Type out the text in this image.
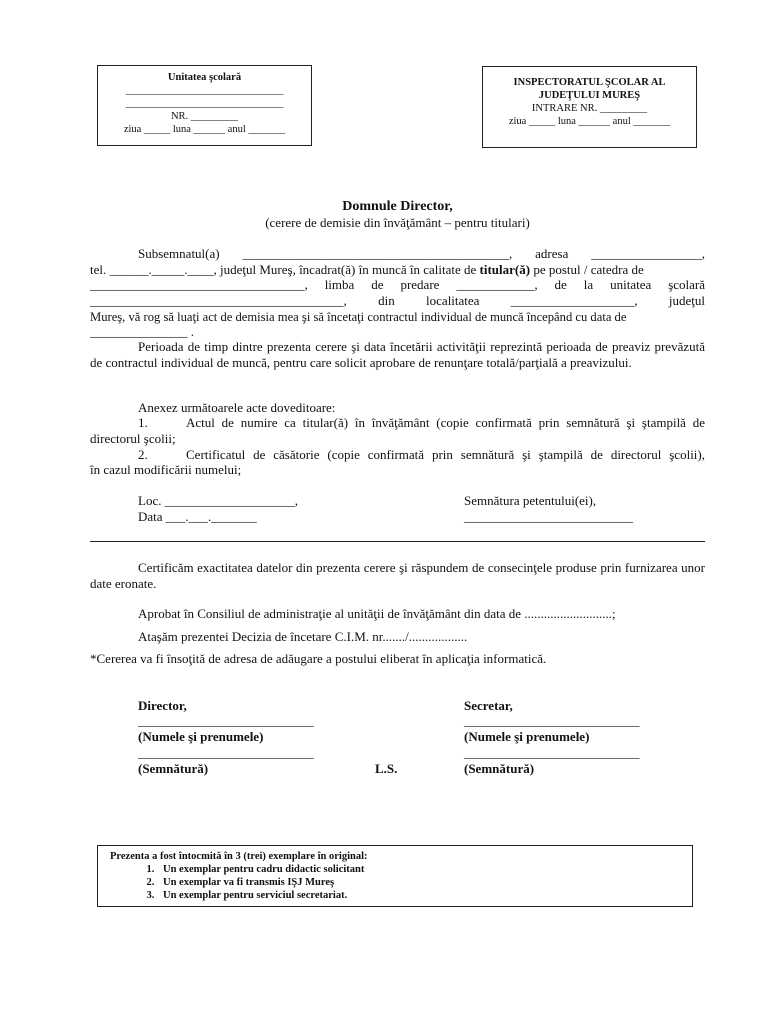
Unitatea şcolară
______________________________
______________________________
NR. _________
ziua _____ luna ______ anul _______
INSPECTORATUL ŞCOLAR AL
JUDEŢULUI MUREŞ
INTRARE NR. _________
ziua _____ luna ______ anul _______
Domnule Director,
(cerere de demisie din învăţământ – pentru titulari)
Subsemnatul(a) _________________________________________, adresa _________________,
tel. ______._____.____, judeţul Mureş, încadrat(ă) în muncă în calitate de titular(ă) pe postul / catedra de
_________________________________, limba de predare ____________, de la unitatea şcolară
_______________________________________, din localitatea ___________________, judeţul
Mureş, vă rog să luaţi act de demisia mea şi să încetaţi contractul individual de muncă începând cu data de
_______________ .
Perioada de timp dintre prezenta cerere şi data încetării activităţii reprezintă perioada de preaviz prevăzută de contractul individual de muncă, pentru care solicit aprobare de renunţare totală/parţială a preavizului.
Anexez următoarele acte doveditoare:
1.	Actul de numire ca titular(ă) în învăţământ (copie confirmată prin semnătură şi ştampilă de
directorul şcolii;
2.	Certificatul de căsătorie (copie confirmată prin semnătură şi ştampilă de directorul şcolii),
în cazul modificării numelui;
Loc. ____________________,
Data ___.___._______
Semnătura petentului(ei),
__________________________
Certificăm exactitatea datelor din prezenta cerere şi răspundem de consecinţele produse prin furnizarea unor date eronate.
Aprobat în Consiliul de administraţie al unităţii de învăţământ din data de ...........................;
Ataşăm prezentei Decizia de încetare C.I.M. nr......./..................
*Cererea va fi însoţită de adresa de adăugare a postului eliberat în aplicaţia informatică.
Director,
___________________________
(Numele şi prenumele)
___________________________
(Semnătură)	L.S.
Secretar,
___________________________
(Numele şi prenumele)
___________________________
(Semnătură)
Prezenta a fost întocmită în 3 (trei) exemplare în original:
1. Un exemplar pentru cadru didactic solicitant
2. Un exemplar va fi transmis IŞJ Mureş
3. Un exemplar pentru serviciul secretariat.
